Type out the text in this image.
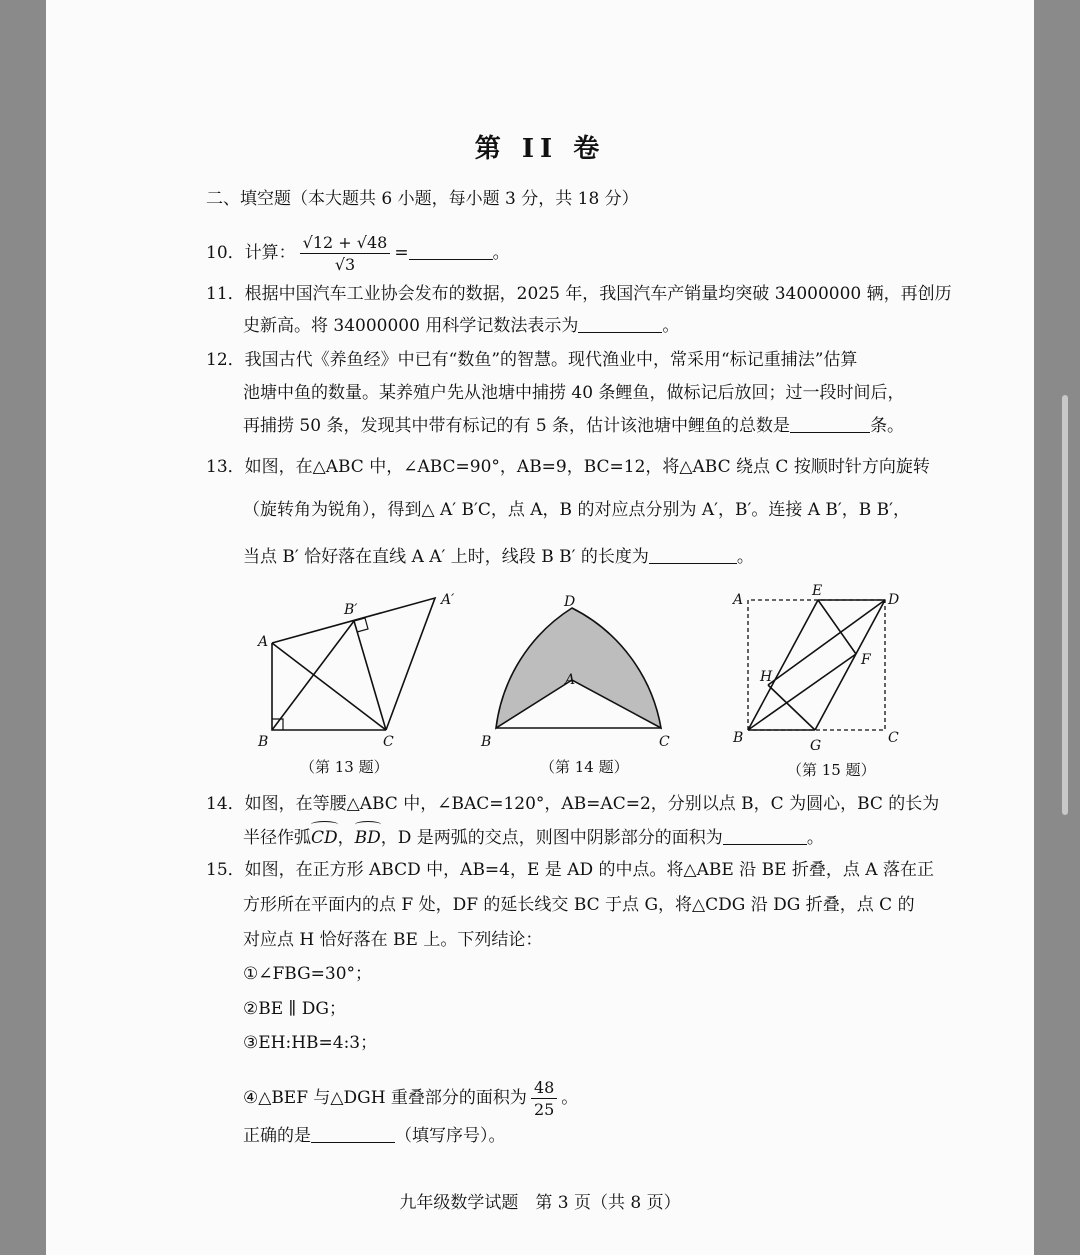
第 II 卷
二、填空题（本大题共 6 小题，每小题 3 分，共 18 分）
10．计算： $\frac{√12 + √48}{√3}$ =	。
11．根据中国汽车工业协会发布的数据，2025 年，我国汽车产销量均突破 34000000 辆，再创历
史新高。将 34000000 用科学记数法表示为	。
12．我国古代《养鱼经》中已有“数鱼”的智慧。现代渔业中，常采用“标记重捕法”估算
池塘中鱼的数量。某养殖户先从池塘中捕捞 40 条鲤鱼，做标记后放回；过一段时间后，
再捕捞 50 条，发现其中带有标记的有 5 条，估计该池塘中鲤鱼的总数是	条。
13．如图，在△ABC 中，∠ABC=90°，AB=9，BC=12，将△ABC 绕点 C 按顺时针方向旋转
（旋转角为锐角），得到△ A′ B′C，点 A，B 的对应点分别为 A′，B′。连接 A B′，B B′，
当点 B′ 恰好落在直线 A A′ 上时，线段 B B′ 的长度为	。
A
B	C
A′
B′
（第 13 题）
D
A
B	C
（第 14 题）
A
E
D
F
H
B	G	C
（第 15 题）
14．如图，在等腰△ABC 中，∠BAC=120°，AB=AC=2，分别以点 B，C 为圆心，BC 的长为
半径作弧CD，BD，D 是两弧的交点，则图中阴影部分的面积为	。
15．如图，在正方形 ABCD 中，AB=4，E 是 AD 的中点。将△ABE 沿 BE 折叠，点 A 落在正
方形所在平面内的点 F 处，DF 的延长线交 BC 于点 G，将△CDG 沿 DG 折叠，点 C 的
对应点 H 恰好落在 BE 上。下列结论：
①∠FBG=30°；
②BE ∥ DG；
③EH:HB=4:3；
④△BEF 与△DGH 重叠部分的面积为 $\frac{48}{25}$ 。
正确的是	（填写序号）。
九年级数学试题　第 3 页（共 8 页）
